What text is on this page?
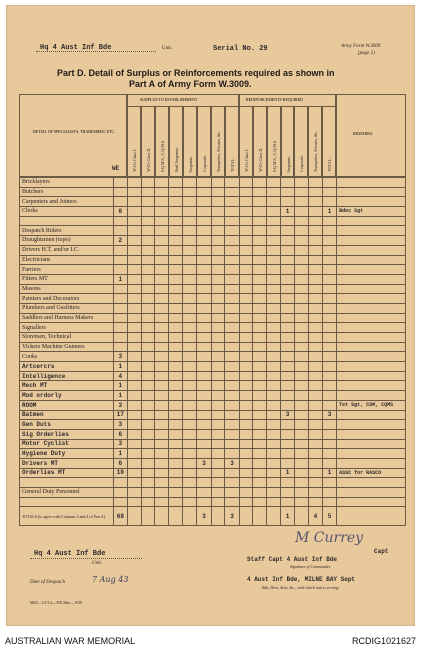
Hq 4 Aust Inf Bde	Unit.	Serial No. 29	Army Form W.3009
(page 2)
Part D. Detail of Surplus or Reinforcements required as shown in
Part A of Army Form W.3009.
DETAIL OF SPECIALISTS, TRADESMEN, ETC.
WE
SURPLUS TO ESTABLISHMENT	REINFORCEMENTS REQUIRED
REMARKS.
W.O's Class I. W.O's Class II. S.Q.M.S., C.Q.M.S. Staff Sergeants. Sergeants. Corporals. Trumpeters, Privates, &c. TOTAL. W.O's Class I. W.O's Class II. S.Q.M.S., C.Q.M.S. Sergeants. Corporals. Trumpeters, Privates, &c. TOTAL.
Bricklayers																	
Butchers																	
Carpenters and Joiners																	
Clerks	8												1			1	Bdec Sgt

Despatch Riders																	
Draughtsmen (topo)	2																
Drivers H.T. and/or I.C.																	
Electricians																	
Farriers																	
Fitters MT	1																
Masons																	
Painters and Decorators																	
Plumbers and Gasfitters																	
Saddlers and Harness Makers																	
Signallers																	
Storemen, Technical																	
Vickers Machine Gunners																	
Cooks	3																
Artcercrs	1																
Intelligence	4																
Mech MT	1																
Mod ordorly	1																
ROOM	3																Tet Sgt, CSM, CQMS
Batmen	17												3			3	
Gen Duts	3																
Sig Orderlies	6																
Motor Cyclist	3																
Hygiene Duty	1																
Drivers MT	6						3		3								
Orderlies MT	10												1			1	ASSC for RASCO

General Duty Personnel																	

TOTALS (to agree with Columns 3 and 4 of Part A)	68						3		3				1		4	5	
Hq 4 Aust Inf Bde
Unit.
Date of Despatch	7 Aug 43
M Currey
Capt
Staff Capt 4 Aust Inf Bde
Signature of Commander.
4 Aust Inf Bde, MILNE BAY Sept
Bde, Divn, Area, &c., with which unit is serving
M29—3/1/Cx—P.R.30m.—9/39
AUSTRALIAN WAR MEMORIAL	RCDIG1021627
